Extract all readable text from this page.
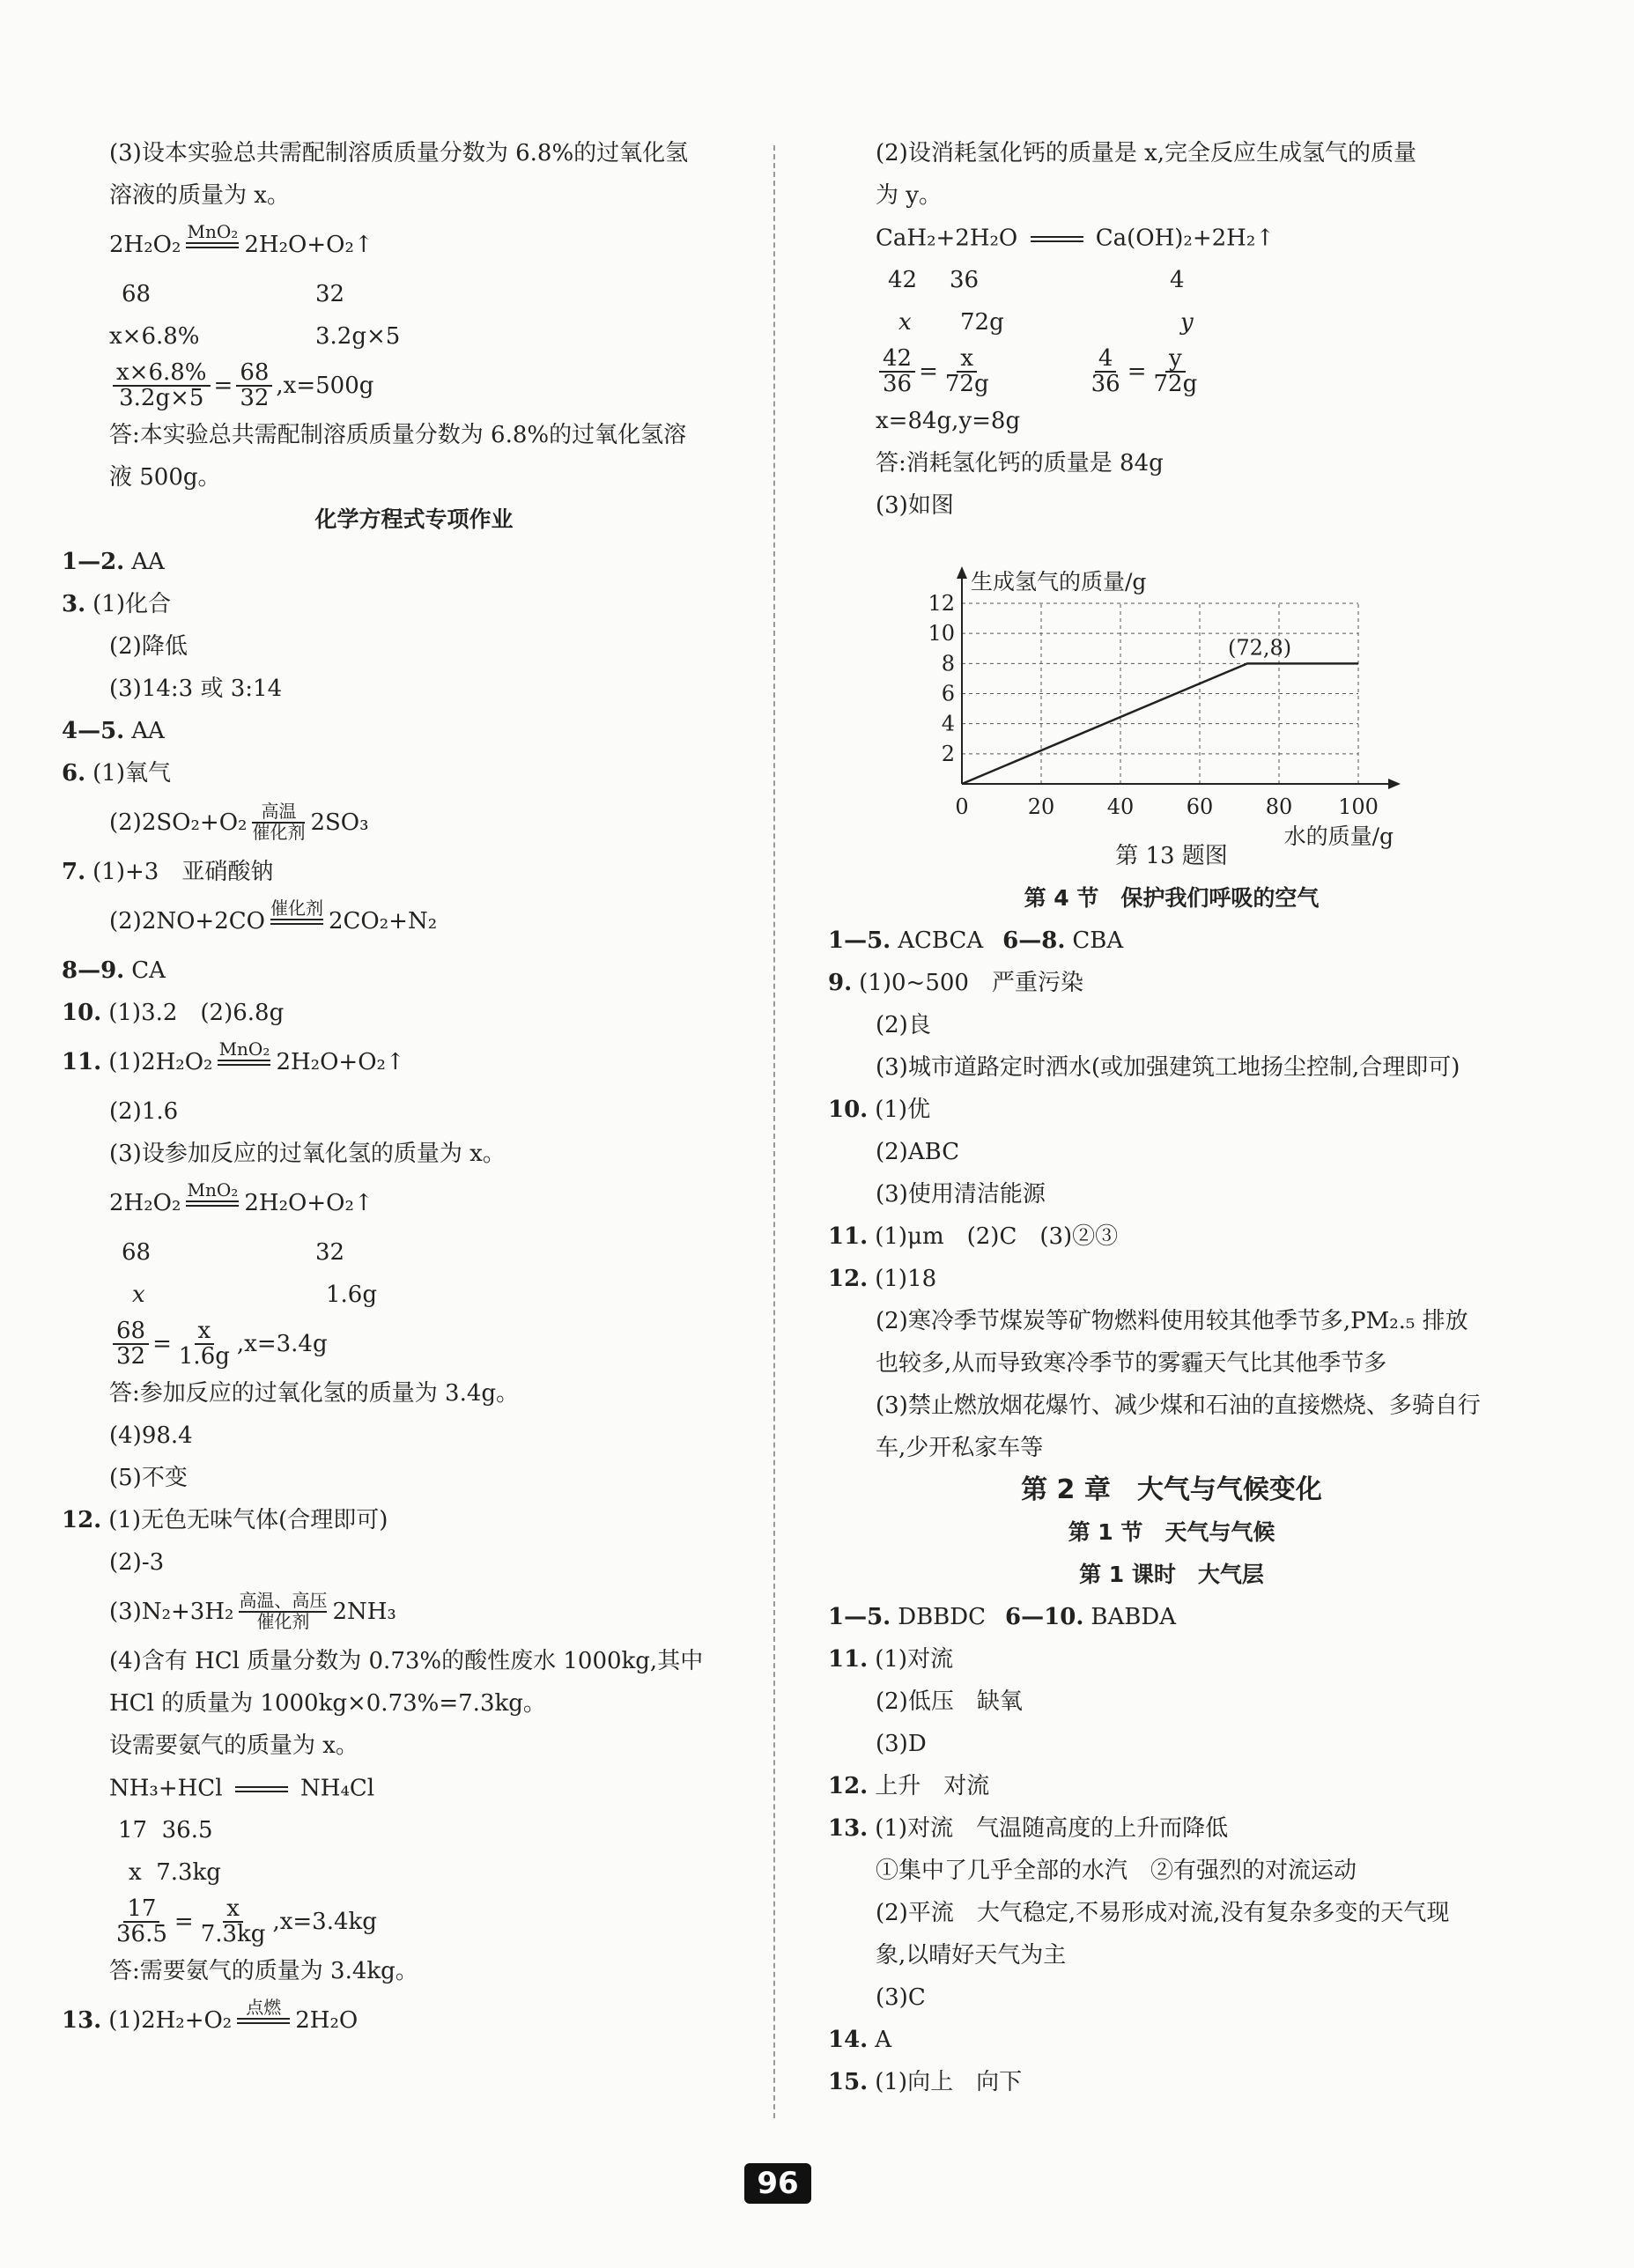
(3)设本实验总共需配制溶质质量分数为 6.8%的过氧化氢
溶液的质量为 x。
2H₂O₂
MnO₂
2H₂O+O₂↑
68	32
x×6.8%	3.2g×5
$\frac{x\times 6.8\%}{3.2g\times 5} = \frac{68}{32} ,x=500g$
答:本实验总共需配制溶质质量分数为 6.8%的过氧化氢溶
液 500g。
化学方程式专项作业
1—2. AA
3. (1)化合
(2)降低
(3)14:3 或 3:14
4—5. AA
6. (1)氧气
(2)2SO₂+O₂ 高温
催化剂 2SO₃
7. (1)+3　亚硝酸钠
(2)2NO+2CO
催化剂
2CO₂+N₂
8—9. CA
10. (1)3.2　(2)6.8g
11. (1)2H₂O₂
MnO₂
2H₂O+O₂↑
(2)1.6
(3)设参加反应的过氧化氢的质量为 x。
2H₂O₂
MnO₂
2H₂O+O₂↑
68	32
x	1.6g
$\frac{68}{32} = \frac{x}{1.6g} ,x=3.4g$
答:参加反应的过氧化氢的质量为 3.4g。
(4)98.4
(5)不变
12. (1)无色无味气体(合理即可)
(2)-3
(3)N₂+3H₂ 高温、高压
催化剂 2NH₃
(4)含有 HCl 质量分数为 0.73%的酸性废水 1000kg,其中
HCl 的质量为 1000kg×0.73%=7.3kg。
设需要氨气的质量为 x。
NH₃+HCl	NH₄Cl
17  36.5
x  7.3kg
$\frac{17}{36.5} = \frac{x}{7.3kg} ,x=3.4kg$
答:需要氨气的质量为 3.4kg。
13. (1)2H₂+O₂
点燃
2H₂O
(2)设消耗氢化钙的质量是 x,完全反应生成氢气的质量
为 y。
CaH₂+2H₂O	Ca(OH)₂+2H₂↑
42 36	4
x 72g	y
$\frac{42}{36} = \frac{x}{72g}$	$\frac{4}{36} = \frac{y}{72g}$
x=84g,y=8g
答:消耗氢化钙的质量是 84g
(3)如图
第 13 题图
第 4 节　保护我们呼吸的空气
1—5. ACBCA 6—8. CBA
9. (1)0~500　严重污染
(2)良
(3)城市道路定时洒水(或加强建筑工地扬尘控制,合理即可)
10. (1)优
(2)ABC
(3)使用清洁能源
11. (1)μm　(2)C　(3)②③
12. (1)18
(2)寒冷季节煤炭等矿物燃料使用较其他季节多,PM₂.₅ 排放
也较多,从而导致寒冷季节的雾霾天气比其他季节多
(3)禁止燃放烟花爆竹、减少煤和石油的直接燃烧、多骑自行
车,少开私家车等
第 2 章　大气与气候变化
第 1 节　天气与气候
第 1 课时　大气层
1—5. DBBDC 6—10. BABDA
11. (1)对流
(2)低压　缺氧
(3)D
12. 上升　对流
13. (1)对流　气温随高度的上升而降低
①集中了几乎全部的水汽　②有强烈的对流运动
(2)平流　大气稳定,不易形成对流,没有复杂多变的天气现
象,以晴好天气为主
(3)C
14. A
15. (1)向上　向下
0	20 40 60 80 100
2
4
6
8
10
12
生成氢气的质量/g
水的质量/g
(72,8)
96
